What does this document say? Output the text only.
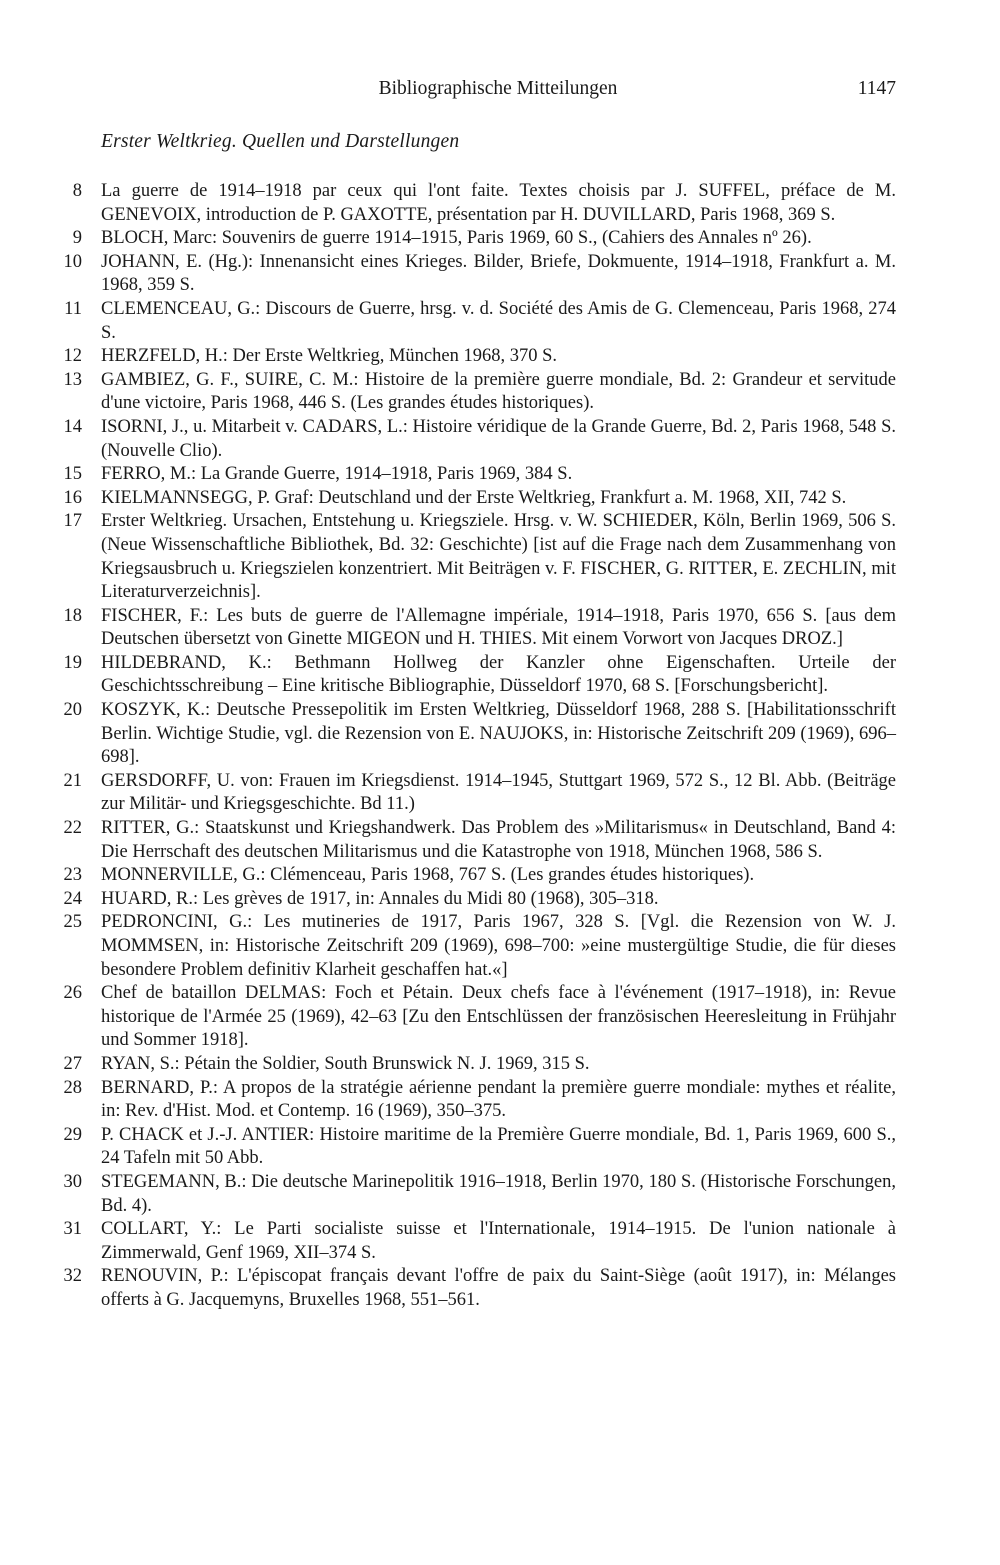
Bibliographische Mitteilungen	1147
Erster Weltkrieg. Quellen und Darstellungen
8 La guerre de 1914–1918 par ceux qui l'ont faite. Textes choisis par J. SUFFEL, préface de M. GENEVOIX, introduction de P. GAXOTTE, présentation par H. DUVILLARD, Paris 1968, 369 S.
9 BLOCH, Marc: Souvenirs de guerre 1914–1915, Paris 1969, 60 S., (Cahiers des Annales nº 26).
10 JOHANN, E. (Hg.): Innenansicht eines Krieges. Bilder, Briefe, Dokmuente, 1914–1918, Frankfurt a. M. 1968, 359 S.
11 CLEMENCEAU, G.: Discours de Guerre, hrsg. v. d. Société des Amis de G. Clemenceau, Paris 1968, 274 S.
12 HERZFELD, H.: Der Erste Weltkrieg, München 1968, 370 S.
13 GAMBIEZ, G. F., SUIRE, C. M.: Histoire de la première guerre mondiale, Bd. 2: Grandeur et servitude d'une victoire, Paris 1968, 446 S. (Les grandes études historiques).
14 ISORNI, J., u. Mitarbeit v. CADARS, L.: Histoire véridique de la Grande Guerre, Bd. 2, Paris 1968, 548 S. (Nouvelle Clio).
15 FERRO, M.: La Grande Guerre, 1914–1918, Paris 1969, 384 S.
16 KIELMANNSEGG, P. Graf: Deutschland und der Erste Weltkrieg, Frankfurt a. M. 1968, XII, 742 S.
17 Erster Weltkrieg. Ursachen, Entstehung u. Kriegsziele. Hrsg. v. W. SCHIEDER, Köln, Berlin 1969, 506 S. (Neue Wissenschaftliche Bibliothek, Bd. 32: Geschichte) [ist auf die Frage nach dem Zusammenhang von Kriegsausbruch u. Kriegszielen konzentriert. Mit Beiträgen v. F. FISCHER, G. RITTER, E. ZECHLIN, mit Literaturverzeichnis].
18 FISCHER, F.: Les buts de guerre de l'Allemagne impériale, 1914–1918, Paris 1970, 656 S. [aus dem Deutschen übersetzt von Ginette MIGEON und H. THIES. Mit einem Vorwort von Jacques DROZ.]
19 HILDEBRAND, K.: Bethmann Hollweg der Kanzler ohne Eigenschaften. Urteile der Geschichtsschreibung – Eine kritische Bibliographie, Düsseldorf 1970, 68 S. [Forschungsbericht].
20 KOSZYK, K.: Deutsche Pressepolitik im Ersten Weltkrieg, Düsseldorf 1968, 288 S. [Habilitationsschrift Berlin. Wichtige Studie, vgl. die Rezension von E. NAUJOKS, in: Historische Zeitschrift 209 (1969), 696–698].
21 GERSDORFF, U. von: Frauen im Kriegsdienst. 1914–1945, Stuttgart 1969, 572 S., 12 Bl. Abb. (Beiträge zur Militär- und Kriegsgeschichte. Bd 11.)
22 RITTER, G.: Staatskunst und Kriegshandwerk. Das Problem des »Militarismus« in Deutschland, Band 4: Die Herrschaft des deutschen Militarismus und die Katastrophe von 1918, München 1968, 586 S.
23 MONNERVILLE, G.: Clémenceau, Paris 1968, 767 S. (Les grandes études historiques).
24 HUARD, R.: Les grèves de 1917, in: Annales du Midi 80 (1968), 305–318.
25 PEDRONCINI, G.: Les mutineries de 1917, Paris 1967, 328 S. [Vgl. die Rezension von W. J. MOMMSEN, in: Historische Zeitschrift 209 (1969), 698–700: »eine mustergültige Studie, die für dieses besondere Problem definitiv Klarheit geschaffen hat.«]
26 Chef de bataillon DELMAS: Foch et Pétain. Deux chefs face à l'événement (1917–1918), in: Revue historique de l'Armée 25 (1969), 42–63 [Zu den Entschlüssen der französischen Heeresleitung in Frühjahr und Sommer 1918].
27 RYAN, S.: Pétain the Soldier, South Brunswick N. J. 1969, 315 S.
28 BERNARD, P.: A propos de la stratégie aérienne pendant la première guerre mondiale: mythes et réalite, in: Rev. d'Hist. Mod. et Contemp. 16 (1969), 350–375.
29 P. CHACK et J.-J. ANTIER: Histoire maritime de la Première Guerre mondiale, Bd. 1, Paris 1969, 600 S., 24 Tafeln mit 50 Abb.
30 STEGEMANN, B.: Die deutsche Marinepolitik 1916–1918, Berlin 1970, 180 S. (Historische Forschungen, Bd. 4).
31 COLLART, Y.: Le Parti socialiste suisse et l'Internationale, 1914–1915. De l'union nationale à Zimmerwald, Genf 1969, XII–374 S.
32 RENOUVIN, P.: L'épiscopat français devant l'offre de paix du Saint-Siège (août 1917), in: Mélanges offerts à G. Jacquemyns, Bruxelles 1968, 551–561.
